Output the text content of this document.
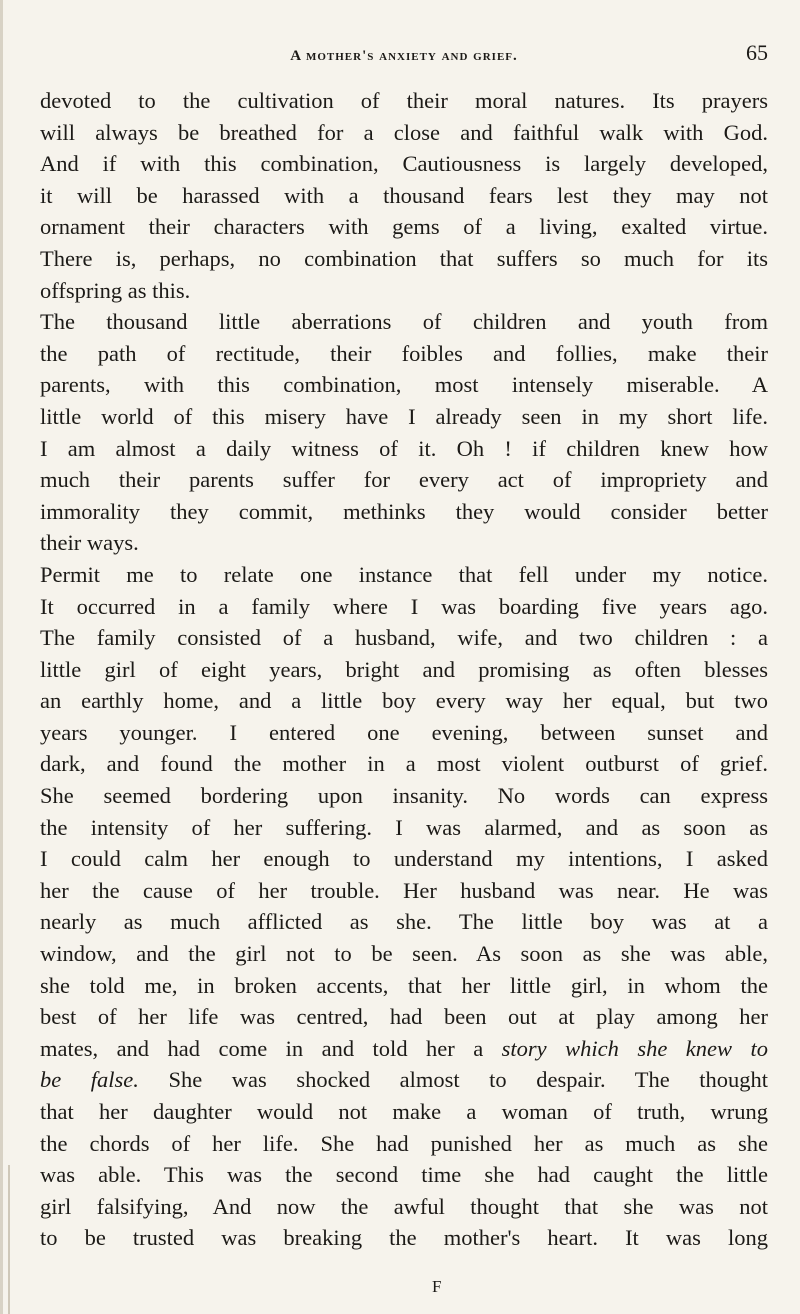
A mother's anxiety and grief.	65
devoted to the cultivation of their moral natures. Its prayers
will always be breathed for a close and faithful walk with God.
And if with this combination, Cautiousness is largely developed,
it will be harassed with a thousand fears lest they may not
ornament their characters with gems of a living, exalted virtue.
There is, perhaps, no combination that suffers so much for its
offspring as this.
The thousand little aberrations of children and youth from
the path of rectitude, their foibles and follies, make their
parents, with this combination, most intensely miserable. A
little world of this misery have I already seen in my short life.
I am almost a daily witness of it. Oh ! if children knew how
much their parents suffer for every act of impropriety and
immorality they commit, methinks they would consider better
their ways.
Permit me to relate one instance that fell under my notice.
It occurred in a family where I was boarding five years ago.
The family consisted of a husband, wife, and two children : a
little girl of eight years, bright and promising as often blesses
an earthly home, and a little boy every way her equal, but two
years younger. I entered one evening, between sunset and
dark, and found the mother in a most violent outburst of grief.
She seemed bordering upon insanity. No words can express
the intensity of her suffering. I was alarmed, and as soon as
I could calm her enough to understand my intentions, I asked
her the cause of her trouble. Her husband was near. He was
nearly as much afflicted as she. The little boy was at a
window, and the girl not to be seen. As soon as she was able,
she told me, in broken accents, that her little girl, in whom the
best of her life was centred, had been out at play among her
mates, and had come in and told her a story which she knew to
be false. She was shocked almost to despair. The thought
that her daughter would not make a woman of truth, wrung
the chords of her life. She had punished her as much as she
was able. This was the second time she had caught the little
girl falsifying, And now the awful thought that she was not
to be trusted was breaking the mother's heart. It was long
F
